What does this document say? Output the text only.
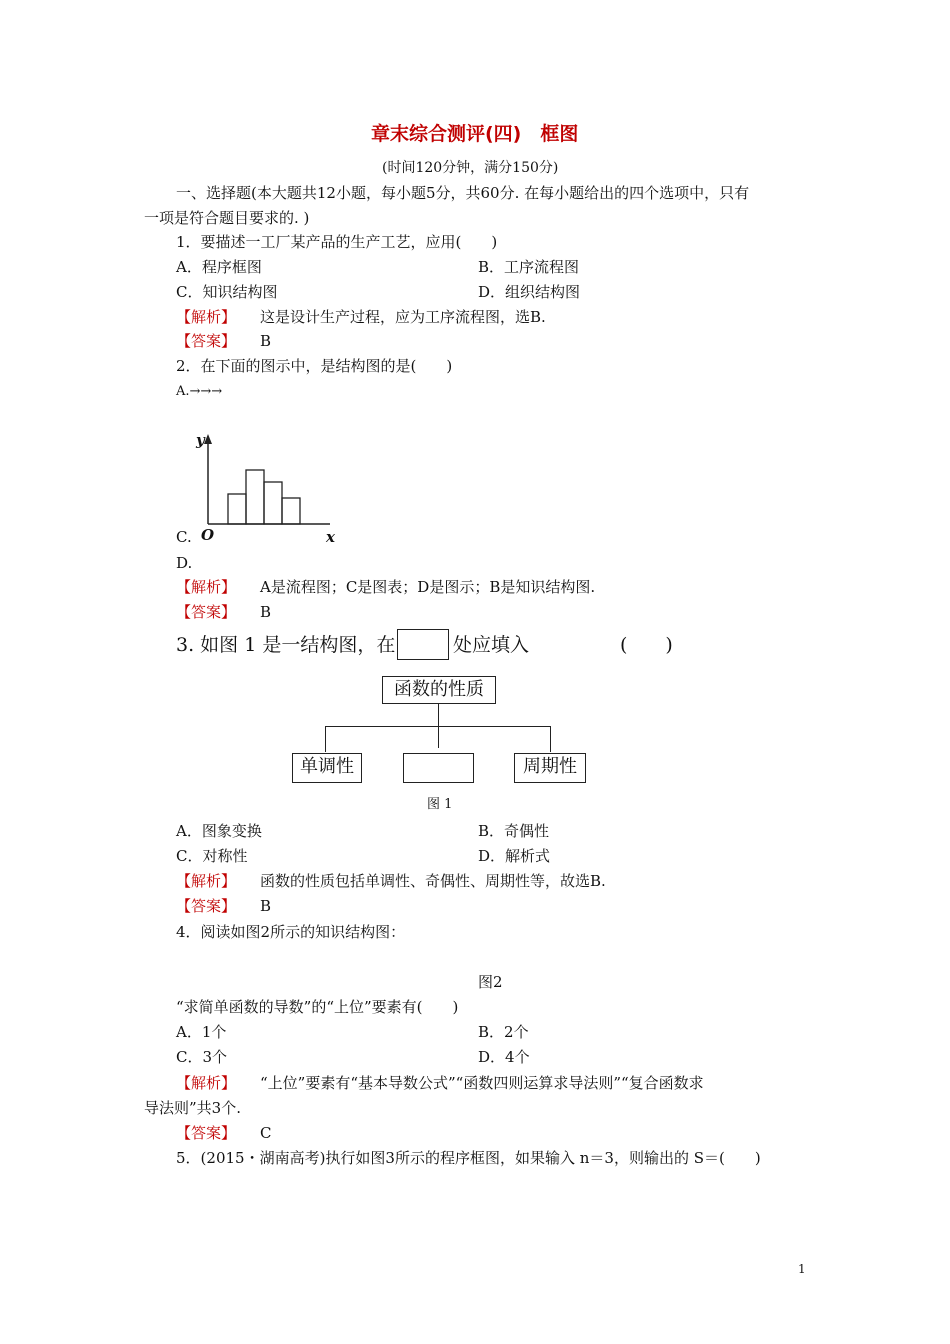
章末综合测评(四)　框图
(时间120分钟，满分150分)
一、选择题(本大题共12小题，每小题5分，共60分. 在每小题给出的四个选项中，只有
一项是符合题目要求的. )
1．要描述一工厂某产品的生产工艺，应用(　　)
A．程序框图	B．工序流程图
C．知识结构图	D．组织结构图
【解析】 这是设计生产过程，应为工序流程图，选B.
【答案】 B
2．在下面的图示中，是结构图的是(　　)
A.→→→
y
O	x
C.
D.
【解析】 A是流程图；C是图表；D是图示；B是知识结构图.
【答案】 B
3. 如图 1 是一结构图，在	处应填入	(　　)
函数的性质
单调性	周期性
图 1
A．图象变换	B．奇偶性
C．对称性	D．解析式
【解析】 函数的性质包括单调性、奇偶性、周期性等，故选B.
【答案】 B
4．阅读如图2所示的知识结构图：
图2
“求简单函数的导数”的“上位”要素有(　　)
A．1个	B．2个
C．3个	D．4个
【解析】 “上位”要素有“基本导数公式”“函数四则运算求导法则”“复合函数求
导法则”共3个.
【答案】 C
5．(2015・湖南高考)执行如图3所示的程序框图，如果输入 n＝3，则输出的 S＝(　　)
1
